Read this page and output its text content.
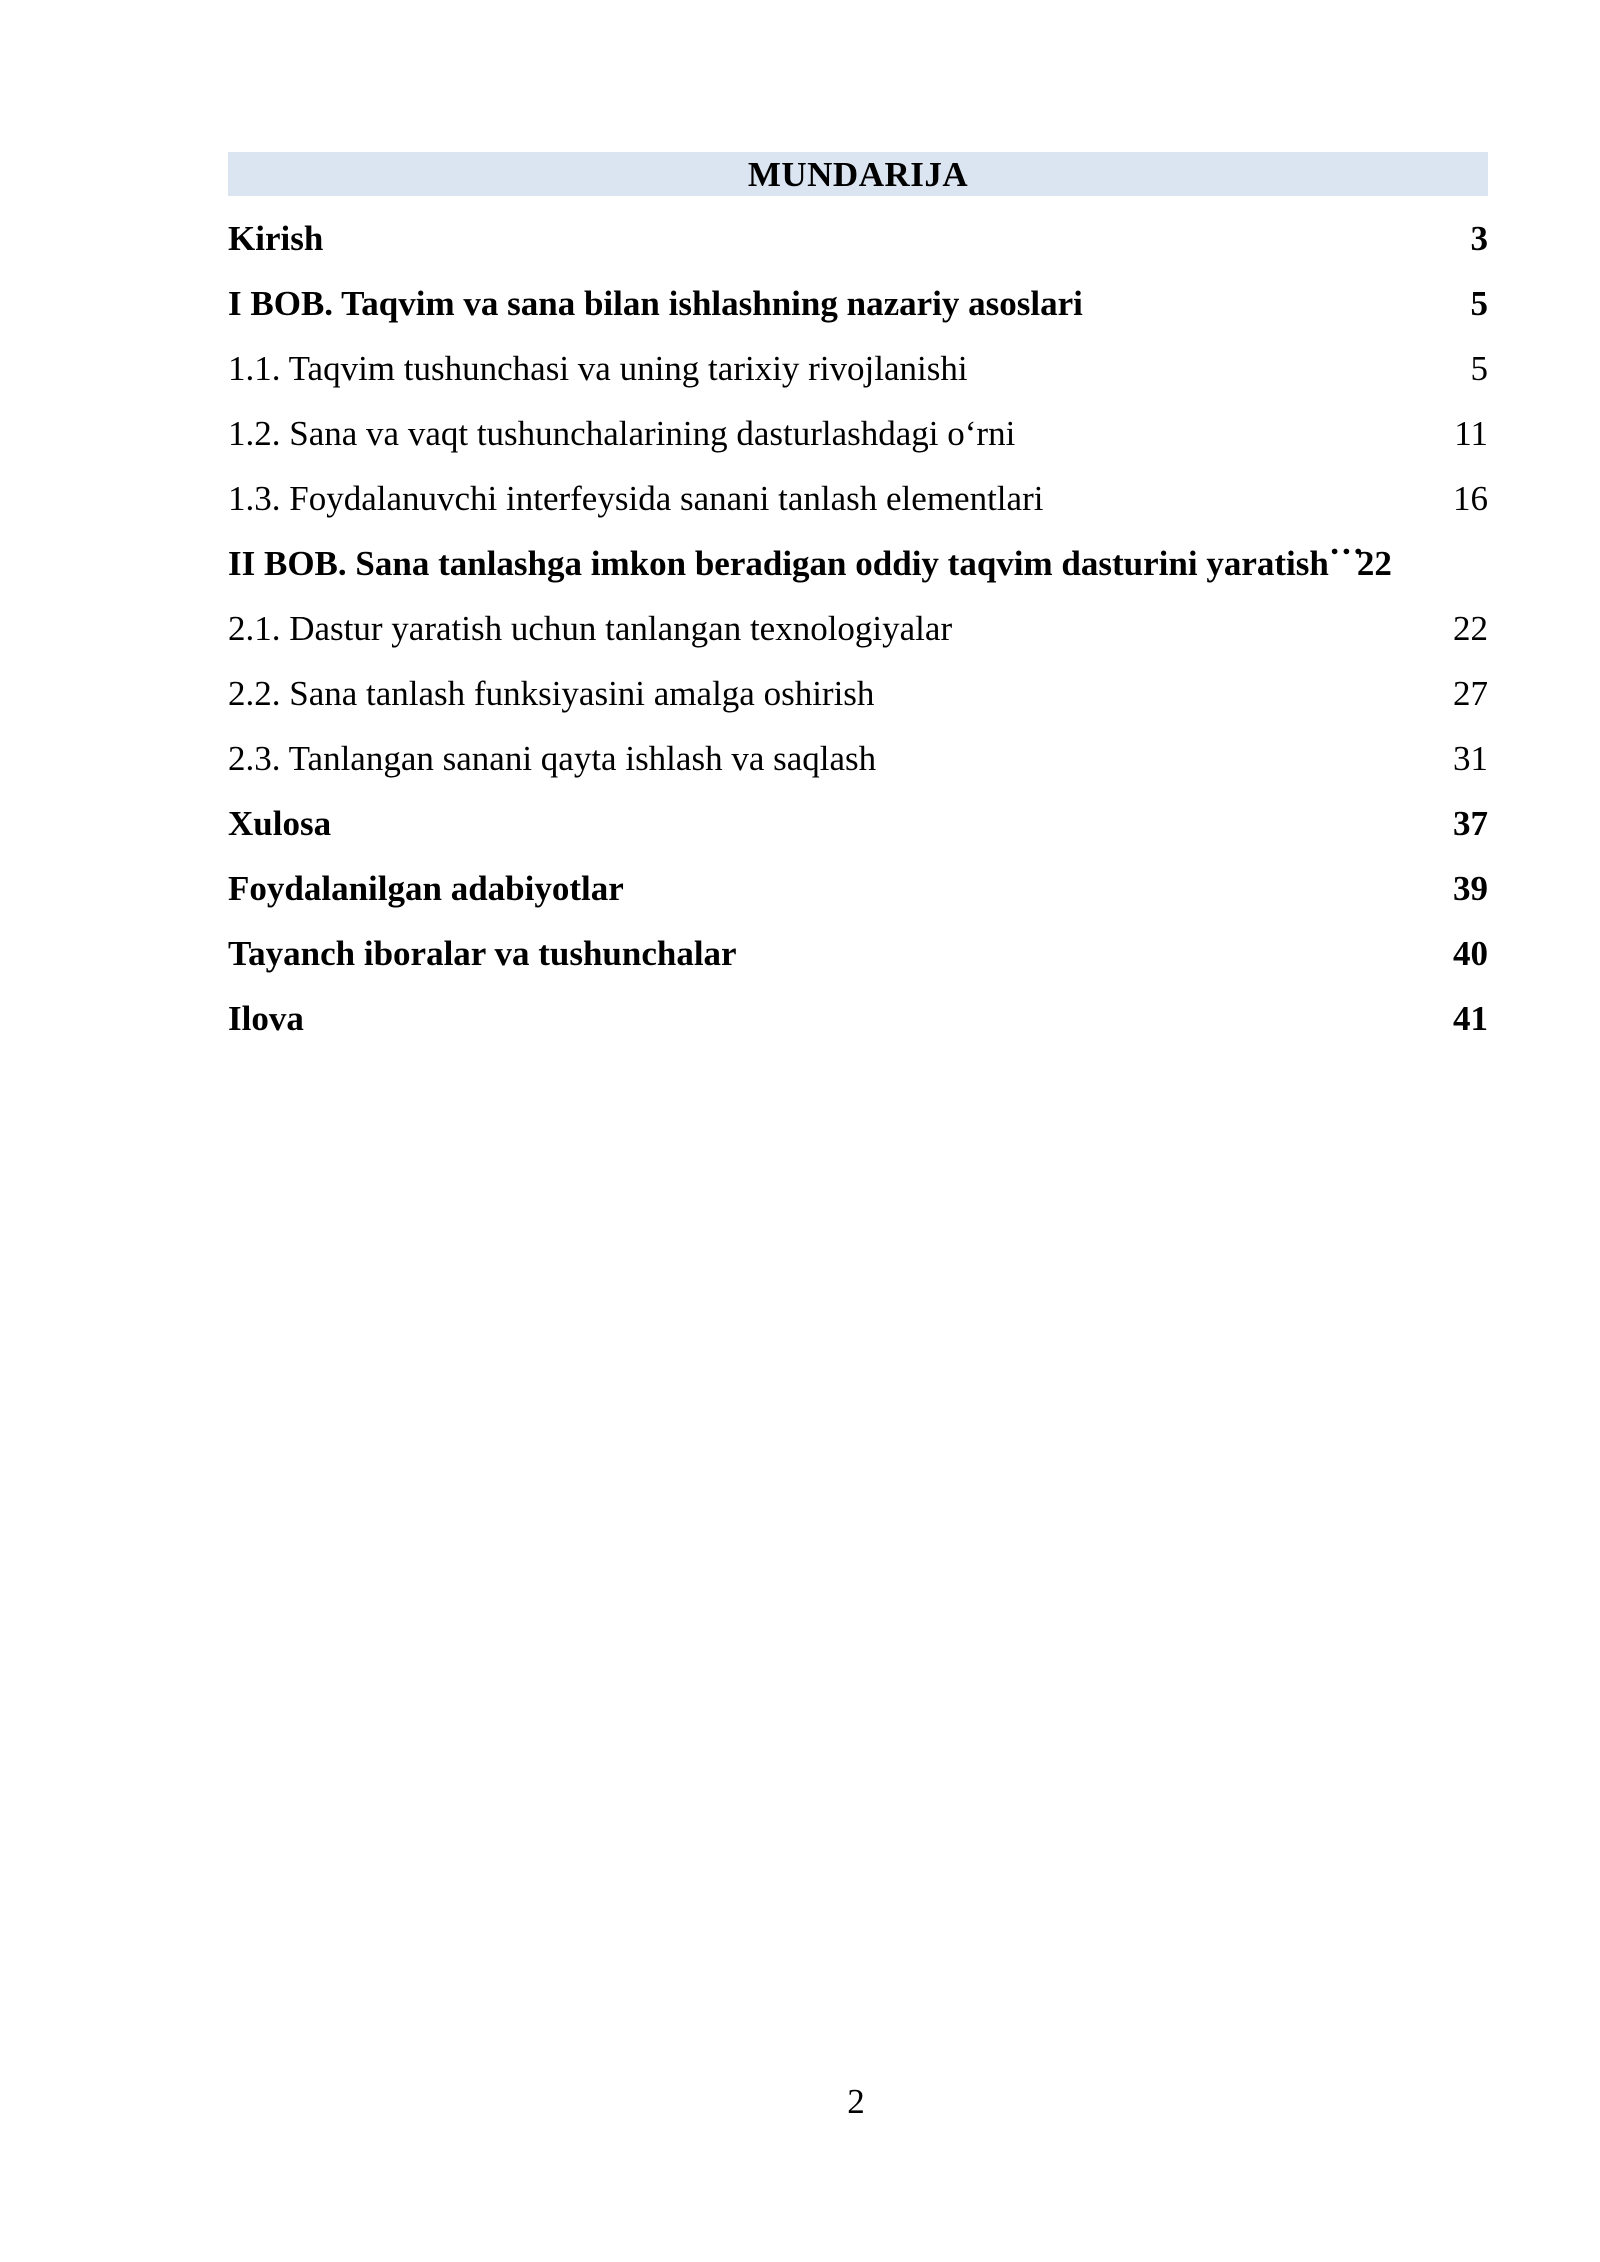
MUNDARIJA
Kirish	3
I BOB. Taqvim va sana bilan ishlashning nazariy asoslari	5
1.1. Taqvim tushunchasi va uning tarixiy rivojlanishi	5
1.2. Sana va vaqt tushunchalarining dasturlashdagi o‘rni	11
1.3. Foydalanuvchi interfeysida sanani tanlash elementlari	16
II BOB. Sana tanlashga imkon beradigan oddiy taqvim dasturini yaratish 22
2.1. Dastur yaratish uchun tanlangan texnologiyalar	22
2.2. Sana tanlash funksiyasini amalga oshirish	27
2.3. Tanlangan sanani qayta ishlash va saqlash	31
Xulosa	37
Foydalanilgan adabiyotlar	39
Tayanch iboralar va tushunchalar	40
Ilova	41
2
